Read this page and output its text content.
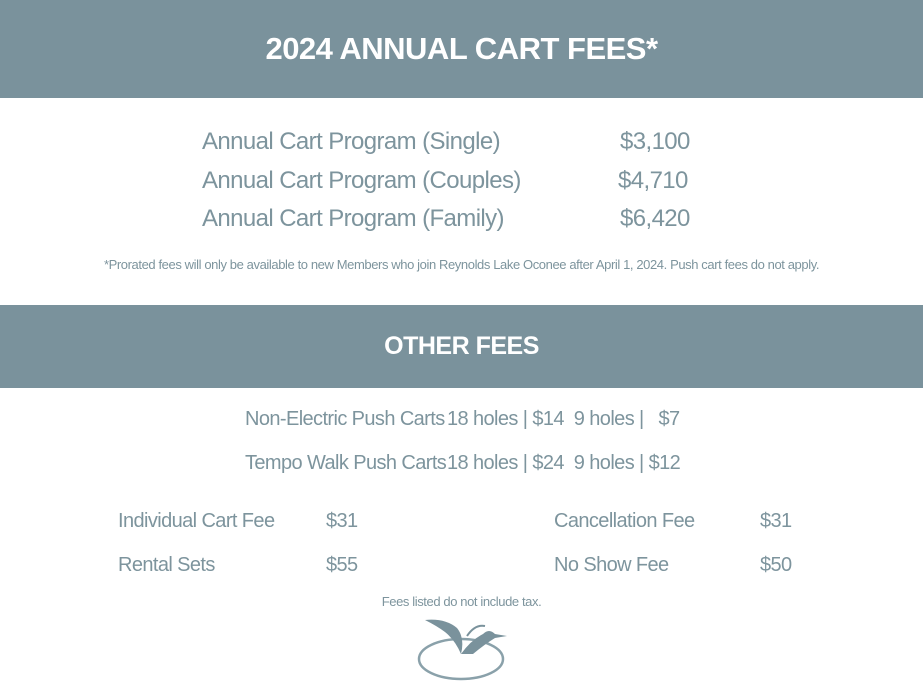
2024 ANNUAL CART FEES*
Annual Cart Program (Single)	$3,100
Annual Cart Program (Couples)	$4,710
Annual Cart Program (Family)	$6,420
*Prorated fees will only be available to new Members who join Reynolds Lake Oconee after April 1, 2024. Push cart fees do not apply.
OTHER FEES
Non-Electric Push Carts 18 holes | $14  9 holes |   $7
Tempo Walk Push Carts 18 holes | $24  9 holes | $12
Individual Cart Fee	$31
Rental Sets	$55
Cancellation Fee	$31
No Show Fee	$50
Fees listed do not include tax.
